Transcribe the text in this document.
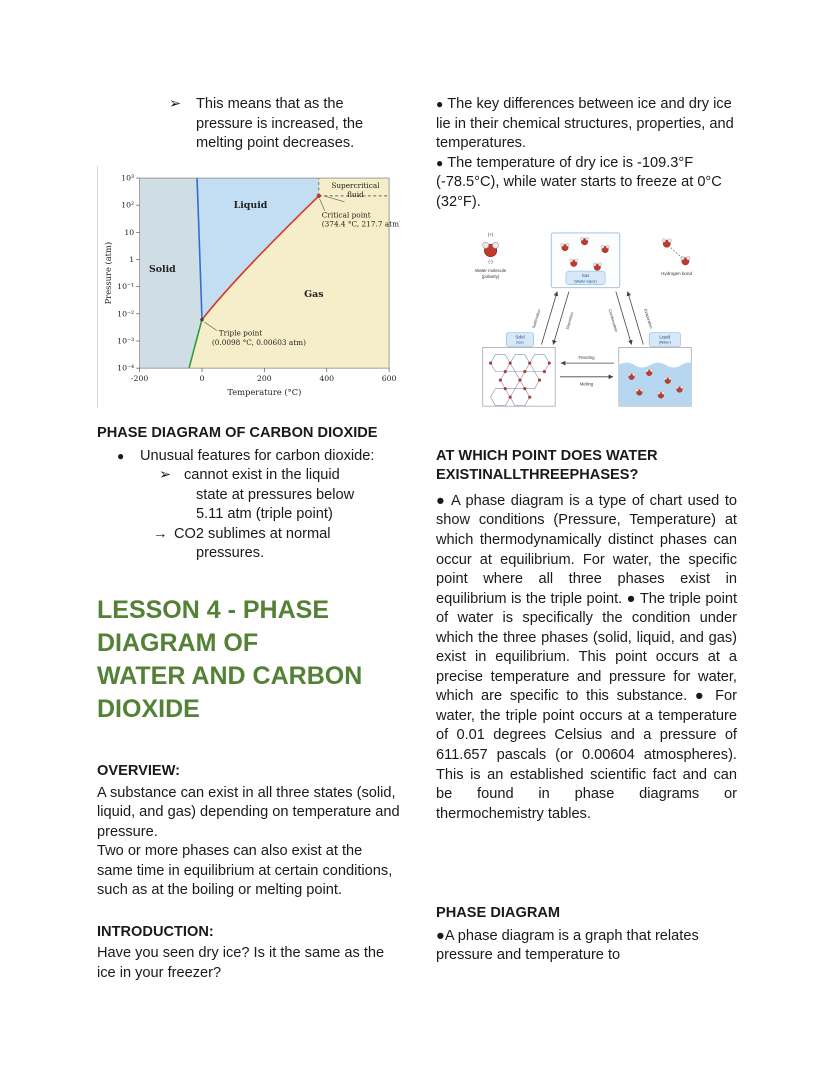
➢	This means that as the pressure is increased, the melting point decreases.
10³
10²
10
1
10⁻¹
10⁻²
10⁻³
10⁻⁴
-200	0	200	400	600
Temperature (°C)
Pressure (atm)	Solid
Liquid
Gas
Supercritical
fluid
Critical point
(374.4 °C, 217.7 atm)
Triple point
(0.0098 °C, 0.00603 atm)
PHASE DIAGRAM OF CARBON DIOXIDE
●	Unusual features for carbon dioxide:
➢ cannot exist in the liquid state at pressures below 5.11 atm (triple point)
→ CO2 sublimes at normal pressures.
LESSON 4 - PHASE
DIAGRAM OF
WATER AND CARBON
DIOXIDE
OVERVIEW:

A substance can exist in all three states (solid, liquid, and gas) depending on temperature and pressure.

Two or more phases can also exist at the same time in equilibrium at certain conditions, such as at the boiling or melting point.

INTRODUCTION:

Have you seen dry ice? Is it the same as the ice in your freezer?

● The key differences between ice and dry ice lie in their chemical structures, properties, and temperatures.

● The temperature of dry ice is -109.3°F (-78.5°C), while water starts to freeze at 0°C (32°F).

(+)
(-)
Water molecule
(polarity)
Hydrogen bond
Gas
(Water vapor)
Solid
(Ice)
Liquid
(Water)
Freezing
Melting
Sublimation	Deposition	Condensation	Evaporation
AT WHICH POINT DOES WATER
EXISTINALLTHREEPHASES?

● A phase diagram is a type of chart used to show conditions (Pressure, Temperature) at which thermodynamically distinct phases can occur at equilibrium. For water, the specific point where all three phases exist in equilibrium is the triple point. ● The triple point of water is specifically the condition under which the three phases (solid, liquid, and gas) exist in equilibrium. This point occurs at a precise temperature and pressure for water, which are specific to this substance. ● For water, the triple point occurs at a temperature of 0.01 degrees Celsius and a pressure of 611.657 pascals (or 0.00604 atmospheres). This is an established scientific fact and can be found in phase diagrams or thermochemistry tables.

PHASE DIAGRAM

●A phase diagram is a graph that relates pressure and temperature to
